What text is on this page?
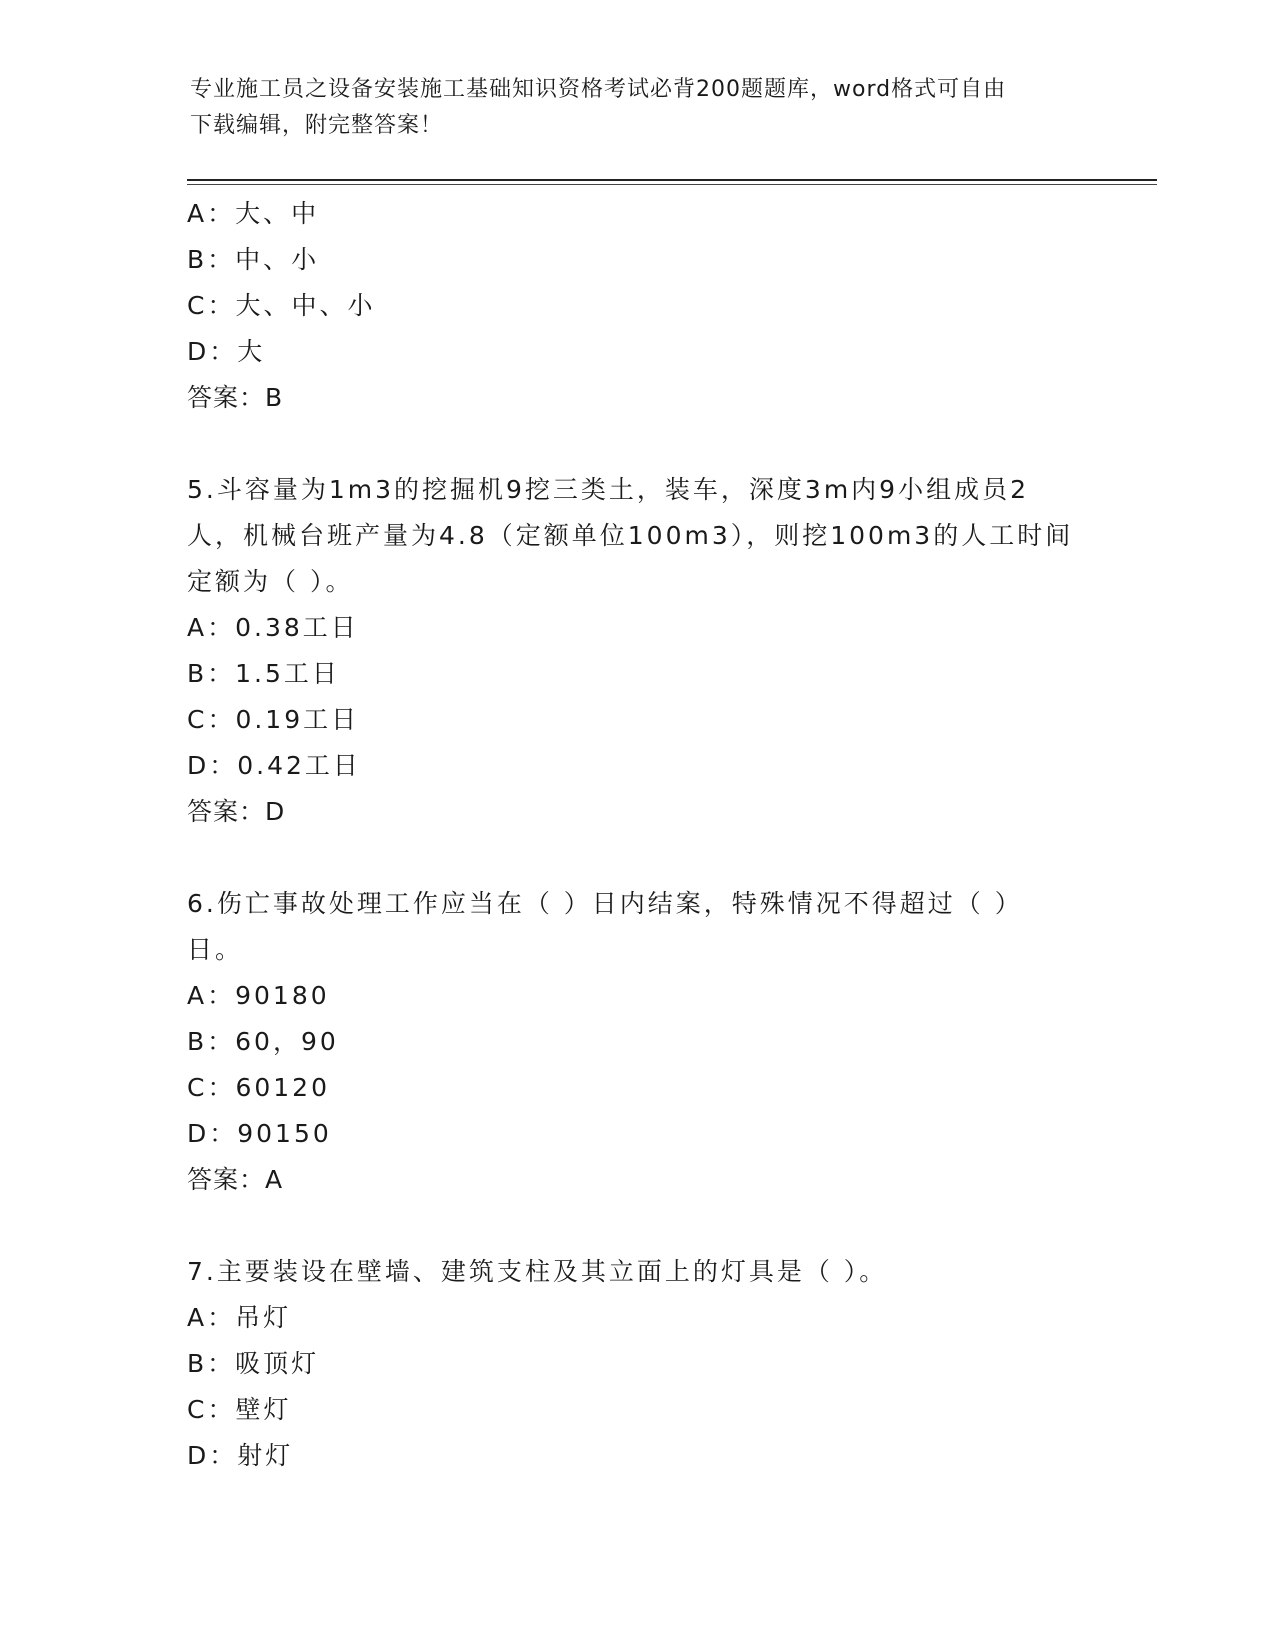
专业施工员之设备安装施工基础知识资格考试必背200题题库，word格式可自由
下载编辑，附完整答案！
A：大、中
B：中、小
C：大、中、小
D：大
答案：B
5.斗容量为1m3的挖掘机9挖三类土，装车，深度3m内9小组成员2
人，机械台班产量为4.8（定额单位100m3），则挖100m3的人工时间
定额为（ ）。
A：0.38工日
B：1.5工日
C：0.19工日
D：0.42工日
答案：D
6.伤亡事故处理工作应当在（ ）日内结案，特殊情况不得超过（ ）
日。
A：90180
B：60，90
C：60120
D：90150
答案：A
7.主要装设在壁墙、建筑支柱及其立面上的灯具是（ ）。
A：吊灯
B：吸顶灯
C：壁灯
D：射灯
